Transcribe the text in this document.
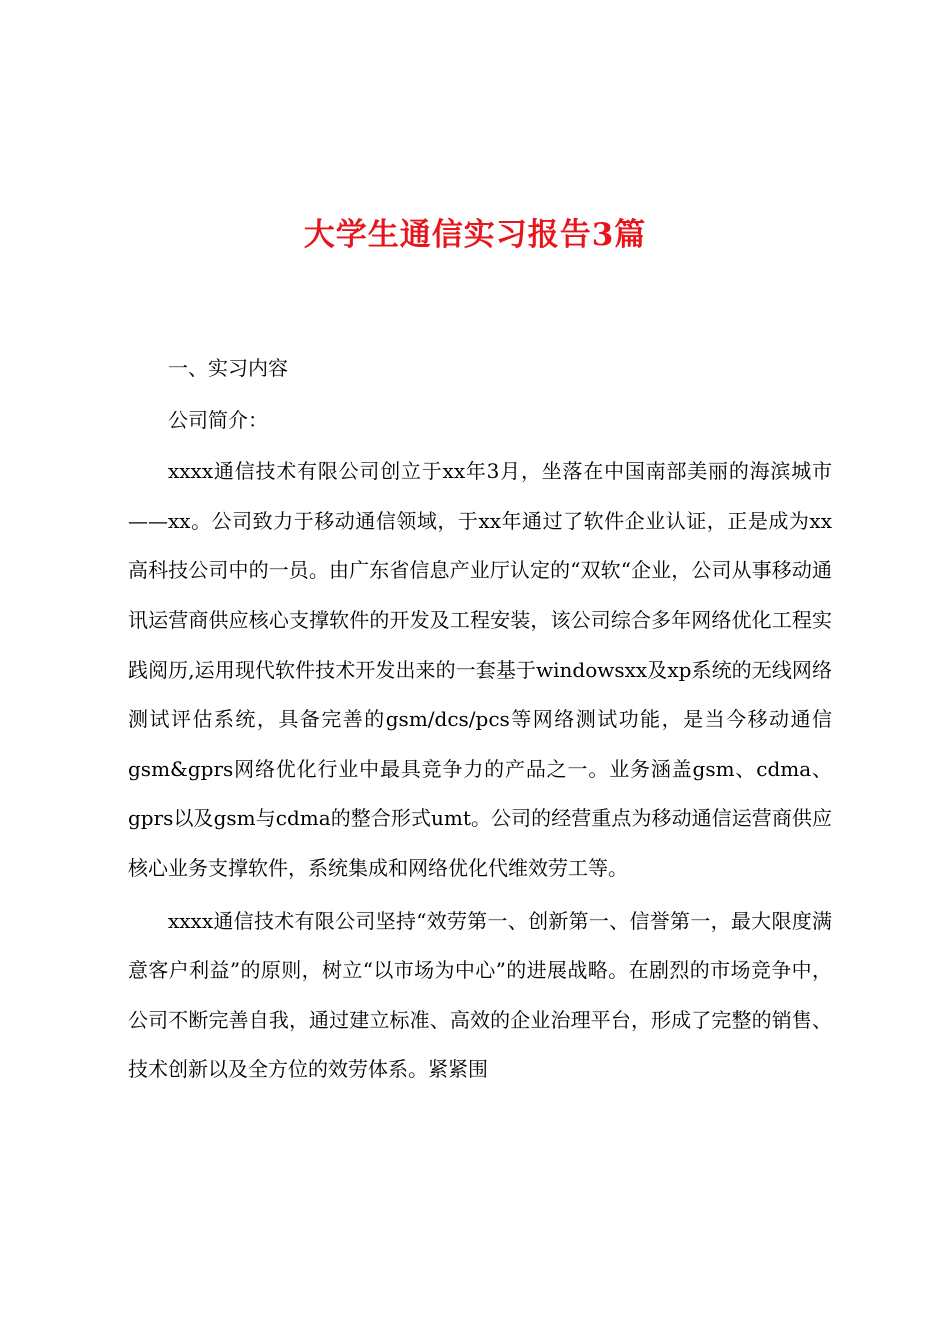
大学生通信实习报告3篇

一、实习内容

公司简介：

xxxx通信技术有限公司创立于xx年3月，坐落在中国南部美丽的海滨城市——xx。公司致力于移动通信领域，于xx年通过了软件企业认证，正是成为xx高科技公司中的一员。由广东省信息产业厅认定的“双软“企业，公司从事移动通讯运营商供应核心支撑软件的开发及工程安装，该公司综合多年网络优化工程实践阅历,运用现代软件技术开发出来的一套基于windowsxx及xp系统的无线网络测试评估系统，具备完善的gsm/dcs/pcs等网络测试功能，是当今移动通信gsm&gprs网络优化行业中最具竞争力的产品之一。业务涵盖gsm、cdma、gprs以及gsm与cdma的整合形式umt。公司的经营重点为移动通信运营商供应核心业务支撑软件，系统集成和网络优化代维效劳工等。

xxxx通信技术有限公司坚持“效劳第一、创新第一、信誉第一，最大限度满意客户利益”的原则，树立“以市场为中心”的进展战略。在剧烈的市场竞争中，公司不断完善自我，通过建立标准、高效的企业治理平台，形成了完整的销售、技术创新以及全方位的效劳体系。紧紧围
